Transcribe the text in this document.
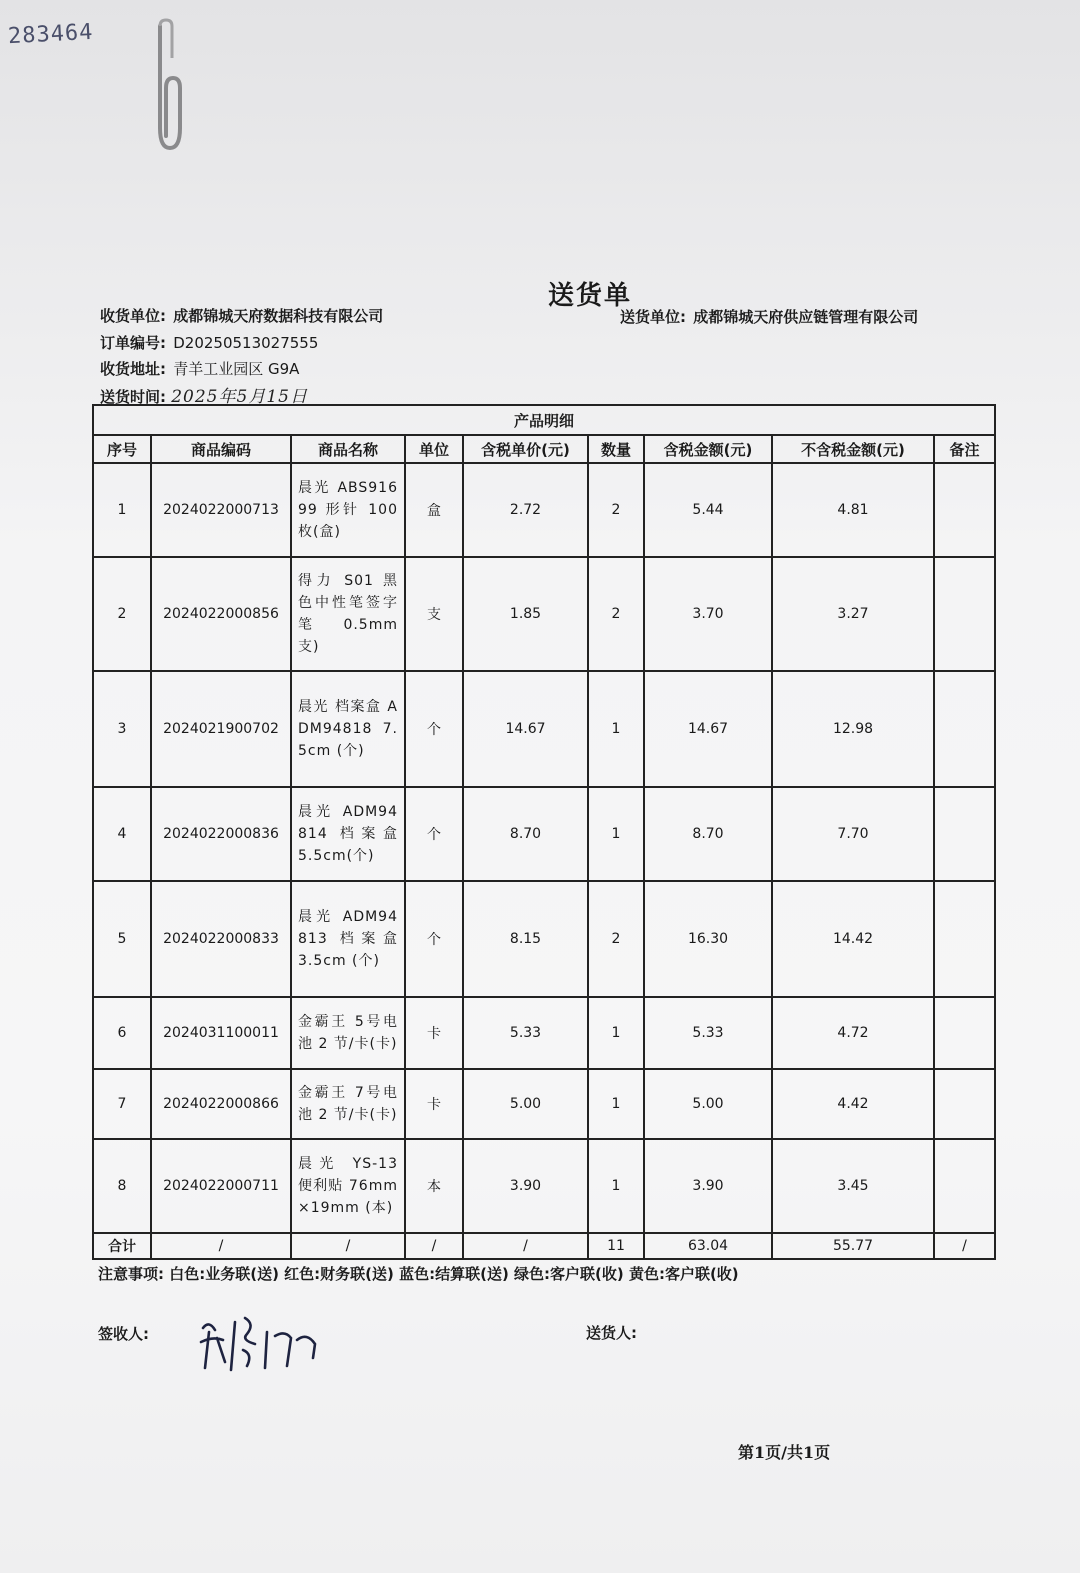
283464
送货单
收货单位: 成都锦城天府数据科技有限公司	送货单位: 成都锦城天府供应链管理有限公司
订单编号: D20250513027555
收货地址: 青羊工业园区 G9A
送货时间: 2025年5月15日
产品明细								
序号	商品编码	商品名称	单位	含税单价(元)	数量	含税金额(元)	不含税金额(元)	备注
1	2024022000713	晨光 ABS91699 形针 100 枚(盒)	盒	2.72	2	5.44	4.81	
2	2024022000856	得力 S01 黑色中性笔签字笔 0.5mm 支)	支	1.85	2	3.70	3.27	
3	2024021900702	晨光 档案盒 ADM94818 7.5cm (个)	个	14.67	1	14.67	12.98	
4	2024022000836	晨光 ADM94814 档案盒 5.5cm(个)	个	8.70	1	8.70	7.70	
5	2024022000833	晨光 ADM94813 档案盒 3.5cm (个)	个	8.15	2	16.30	14.42	
6	2024031100011	金霸王 5号电池 2 节/卡(卡)	卡	5.33	1	5.33	4.72	
7	2024022000866	金霸王 7号电池 2 节/卡(卡)	卡	5.00	1	5.00	4.42	
8	2024022000711	晨光 YS-13 便利贴 76mm×19mm (本)	本	3.90	1	3.90	3.45	
合计	/	/	/	/	11	63.04	55.77	/
注意事项: 白色:业务联(送) 红色:财务联(送) 蓝色:结算联(送) 绿色:客户联(收) 黄色:客户联(收)
签收人:	送货人:
第1页/共1页
